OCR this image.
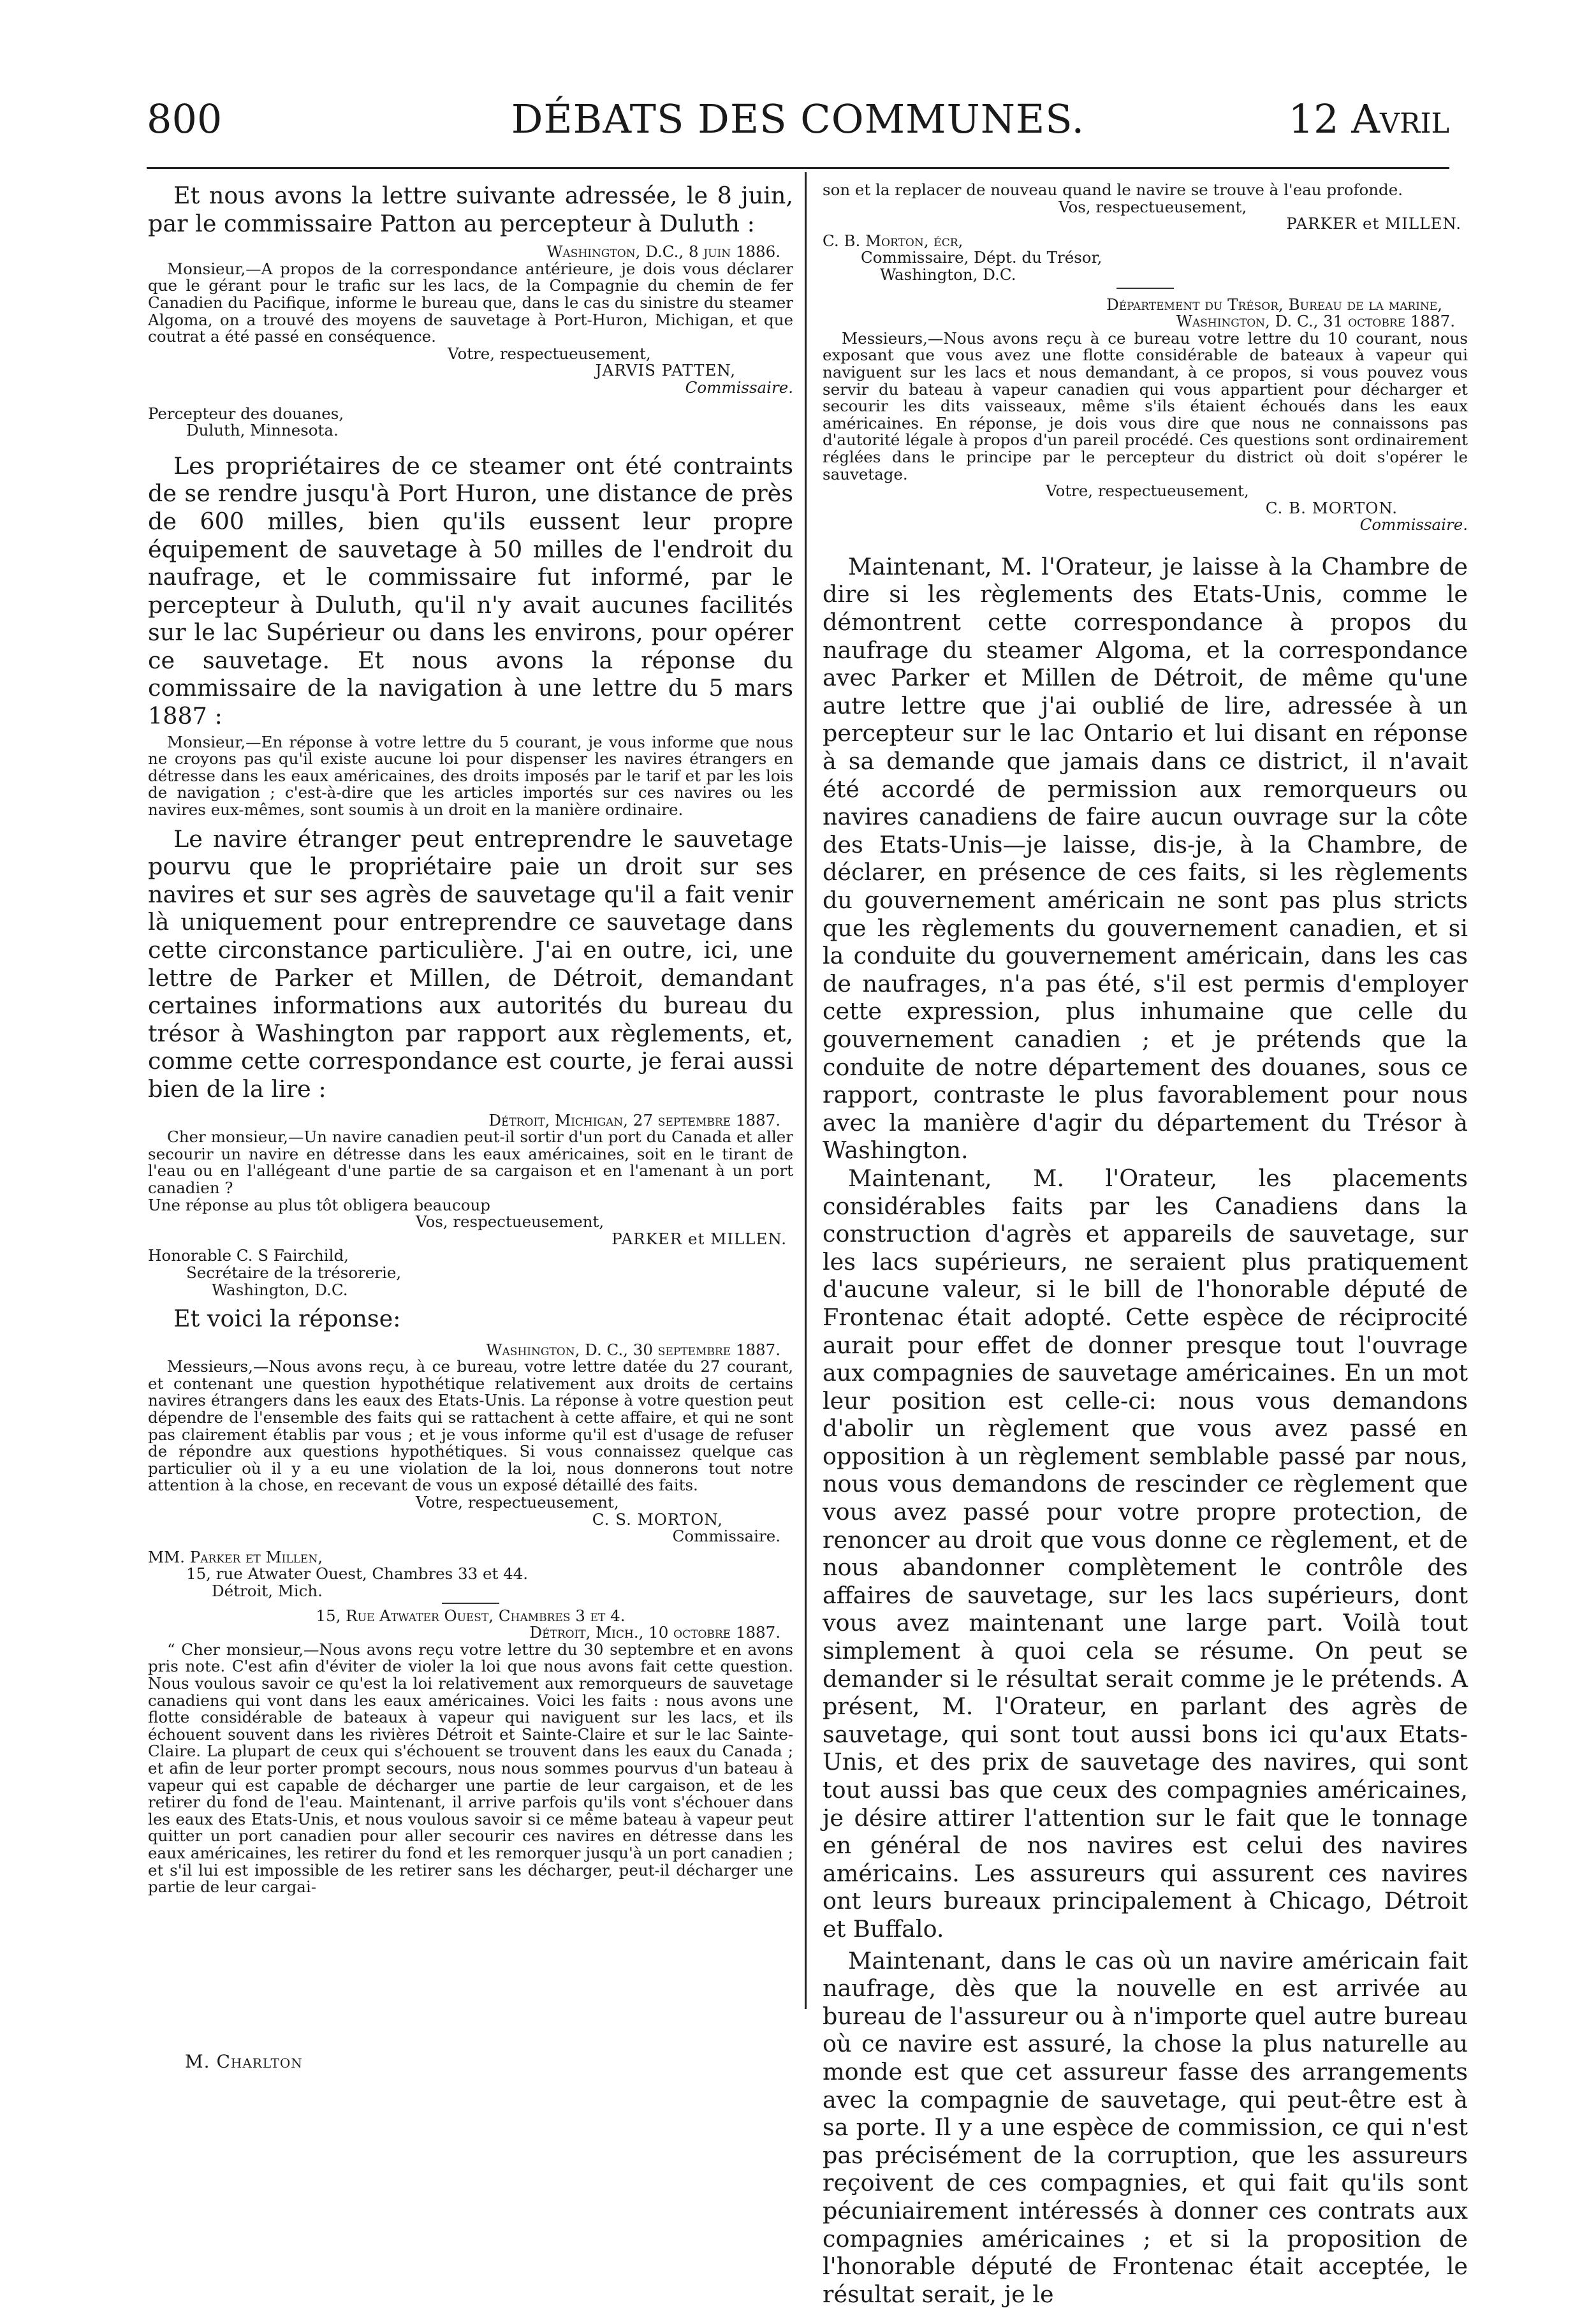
800	DÉBATS DES COMMUNES.	12 Avril

Et nous avons la lettre suivante adressée, le 8 juin, par le commissaire Patton au percepteur à Duluth :

Washington, D.C., 8 juin 1886.

Monsieur,—A propos de la correspondance antérieure, je dois vous déclarer que le gérant pour le trafic sur les lacs, de la Compagnie du chemin de fer Canadien du Pacifique, informe le bureau que, dans le cas du sinistre du steamer Algoma, on a trouvé des moyens de sauvetage à Port-Huron, Michigan, et que coutrat a été passé en conséquence.

Votre, respectueusement,

JARVIS PATTEN,

Commissaire.

Percepteur des douanes,

Duluth, Minnesota.

Les propriétaires de ce steamer ont été contraints de se rendre jusqu'à Port Huron, une distance de près de 600 milles, bien qu'ils eussent leur propre équipement de sauvetage à 50 milles de l'endroit du naufrage, et le commissaire fut informé, par le percepteur à Duluth, qu'il n'y avait aucunes facilités sur le lac Supérieur ou dans les environs, pour opérer ce sauvetage. Et nous avons la réponse du commissaire de la navigation à une lettre du 5 mars 1887 :

Monsieur,—En réponse à votre lettre du 5 courant, je vous informe que nous ne croyons pas qu'il existe aucune loi pour dispenser les navires étrangers en détresse dans les eaux américaines, des droits imposés par le tarif et par les lois de navigation ; c'est-à-dire que les articles importés sur ces navires ou les navires eux-mêmes, sont soumis à un droit en la manière ordinaire.

Le navire étranger peut entreprendre le sauvetage pourvu que le propriétaire paie un droit sur ses navires et sur ses agrès de sauvetage qu'il a fait venir là uniquement pour entreprendre ce sauvetage dans cette circonstance particulière. J'ai en outre, ici, une lettre de Parker et Millen, de Détroit, demandant certaines informations aux autorités du bureau du trésor à Washington par rapport aux règlements, et, comme cette correspondance est courte, je ferai aussi bien de la lire :

Détroit, Michigan, 27 septembre 1887.

Cher monsieur,—Un navire canadien peut-il sortir d'un port du Canada et aller secourir un navire en détresse dans les eaux américaines, soit en le tirant de l'eau ou en l'allégeant d'une partie de sa cargaison et en l'amenant à un port canadien ?

Une réponse au plus tôt obligera beaucoup

Vos, respectueusement,

PARKER et MILLEN.

Honorable C. S Fairchild,

Secrétaire de la trésorerie,

Washington, D.C.

Et voici la réponse:

Washington, D. C., 30 septembre 1887.

Messieurs,—Nous avons reçu, à ce bureau, votre lettre datée du 27 courant, et contenant une question hypothétique relativement aux droits de certains navires étrangers dans les eaux des Etats-Unis. La réponse à votre question peut dépendre de l'ensemble des faits qui se rattachent à cette affaire, et qui ne sont pas clairement établis par vous ; et je vous informe qu'il est d'usage de refuser de répondre aux questions hypothétiques. Si vous connaissez quelque cas particulier où il y a eu une violation de la loi, nous donnerons tout notre attention à la chose, en recevant de vous un exposé détaillé des faits.

Votre, respectueusement,

C. S. MORTON,

Commissaire.

MM. Parker et Millen,

15, rue Atwater Ouest, Chambres 33 et 44.

Détroit, Mich.

15, Rue Atwater Ouest, Chambres 3 et 4.

Détroit, Mich., 10 octobre 1887.

“ Cher monsieur,—Nous avons reçu votre lettre du 30 septembre et en avons pris note. C'est afin d'éviter de violer la loi que nous avons fait cette question. Nous voulous savoir ce qu'est la loi relativement aux remorqueurs de sauvetage canadiens qui vont dans les eaux américaines. Voici les faits : nous avons une flotte considérable de bateaux à vapeur qui naviguent sur les lacs, et ils échouent souvent dans les rivières Détroit et Sainte-Claire et sur le lac Sainte-Claire. La plupart de ceux qui s'échouent se trouvent dans les eaux du Canada ; et afin de leur porter prompt secours, nous nous sommes pourvus d'un bateau à vapeur qui est capable de décharger une partie de leur cargaison, et de les retirer du fond de l'eau. Maintenant, il arrive parfois qu'ils vont s'échouer dans les eaux des Etats-Unis, et nous voulous savoir si ce même bateau à vapeur peut quitter un port canadien pour aller secourir ces navires en détresse dans les eaux américaines, les retirer du fond et les remorquer jusqu'à un port canadien ; et s'il lui est impossible de les retirer sans les décharger, peut-il décharger une partie de leur cargai-

son et la replacer de nouveau quand le navire se trouve à l'eau profonde.

Vos, respectueusement,

PARKER et MILLEN.

C. B. Morton, écr,

Commissaire, Dépt. du Trésor,

Washington, D.C.

Département du Trésor, Bureau de la marine,

Washington, D. C., 31 octobre 1887.

Messieurs,—Nous avons reçu à ce bureau votre lettre du 10 courant, nous exposant que vous avez une flotte considérable de bateaux à vapeur qui naviguent sur les lacs et nous demandant, à ce propos, si vous pouvez vous servir du bateau à vapeur canadien qui vous appartient pour décharger et secourir les dits vaisseaux, même s'ils étaient échoués dans les eaux américaines. En réponse, je dois vous dire que nous ne connaissons pas d'autorité légale à propos d'un pareil procédé. Ces questions sont ordinairement réglées dans le principe par le percepteur du district où doit s'opérer le sauvetage.

Votre, respectueusement,

C. B. MORTON.

Commissaire.

Maintenant, M. l'Orateur, je laisse à la Chambre de dire si les règlements des Etats-Unis, comme le démontrent cette correspondance à propos du naufrage du steamer Algoma, et la correspondance avec Parker et Millen de Détroit, de même qu'une autre lettre que j'ai oublié de lire, adressée à un percepteur sur le lac Ontario et lui disant en réponse à sa demande que jamais dans ce district, il n'avait été accordé de permission aux remorqueurs ou navires canadiens de faire aucun ouvrage sur la côte des Etats-Unis—je laisse, dis-je, à la Chambre, de déclarer, en présence de ces faits, si les règlements du gouvernement américain ne sont pas plus stricts que les règlements du gouvernement canadien, et si la conduite du gouvernement américain, dans les cas de naufrages, n'a pas été, s'il est permis d'employer cette expression, plus inhumaine que celle du gouvernement canadien ; et je prétends que la conduite de notre département des douanes, sous ce rapport, contraste le plus favorablement pour nous avec la manière d'agir du département du Trésor à Washington.

Maintenant, M. l'Orateur, les placements considérables faits par les Canadiens dans la construction d'agrès et appareils de sauvetage, sur les lacs supérieurs, ne seraient plus pratiquement d'aucune valeur, si le bill de l'honorable député de Frontenac était adopté. Cette espèce de réciprocité aurait pour effet de donner presque tout l'ouvrage aux compagnies de sauvetage américaines. En un mot leur position est celle-ci: nous vous demandons d'abolir un règlement que vous avez passé en opposition à un règlement semblable passé par nous, nous vous demandons de rescinder ce règlement que vous avez passé pour votre propre protection, de renoncer au droit que vous donne ce règlement, et de nous abandonner complètement le contrôle des affaires de sauvetage, sur les lacs supérieurs, dont vous avez maintenant une large part. Voilà tout simplement à quoi cela se résume. On peut se demander si le résultat serait comme je le prétends. A présent, M. l'Orateur, en parlant des agrès de sauvetage, qui sont tout aussi bons ici qu'aux Etats-Unis, et des prix de sauvetage des navires, qui sont tout aussi bas que ceux des compagnies américaines, je désire attirer l'attention sur le fait que le tonnage en général de nos navires est celui des navires américains. Les assureurs qui assurent ces navires ont leurs bureaux principalement à Chicago, Détroit et Buffalo.

Maintenant, dans le cas où un navire américain fait naufrage, dès que la nouvelle en est arrivée au bureau de l'assureur ou à n'importe quel autre bureau où ce navire est assuré, la chose la plus naturelle au monde est que cet assureur fasse des arrangements avec la compagnie de sauvetage, qui peut-être est à sa porte. Il y a une espèce de commission, ce qui n'est pas précisément de la corruption, que les assureurs reçoivent de ces compagnies, et qui fait qu'ils sont pécuniairement intéressés à donner ces contrats aux compagnies américaines ; et si la proposition de l'honorable député de Frontenac était acceptée, le résultat serait, je le

M. Charlton
